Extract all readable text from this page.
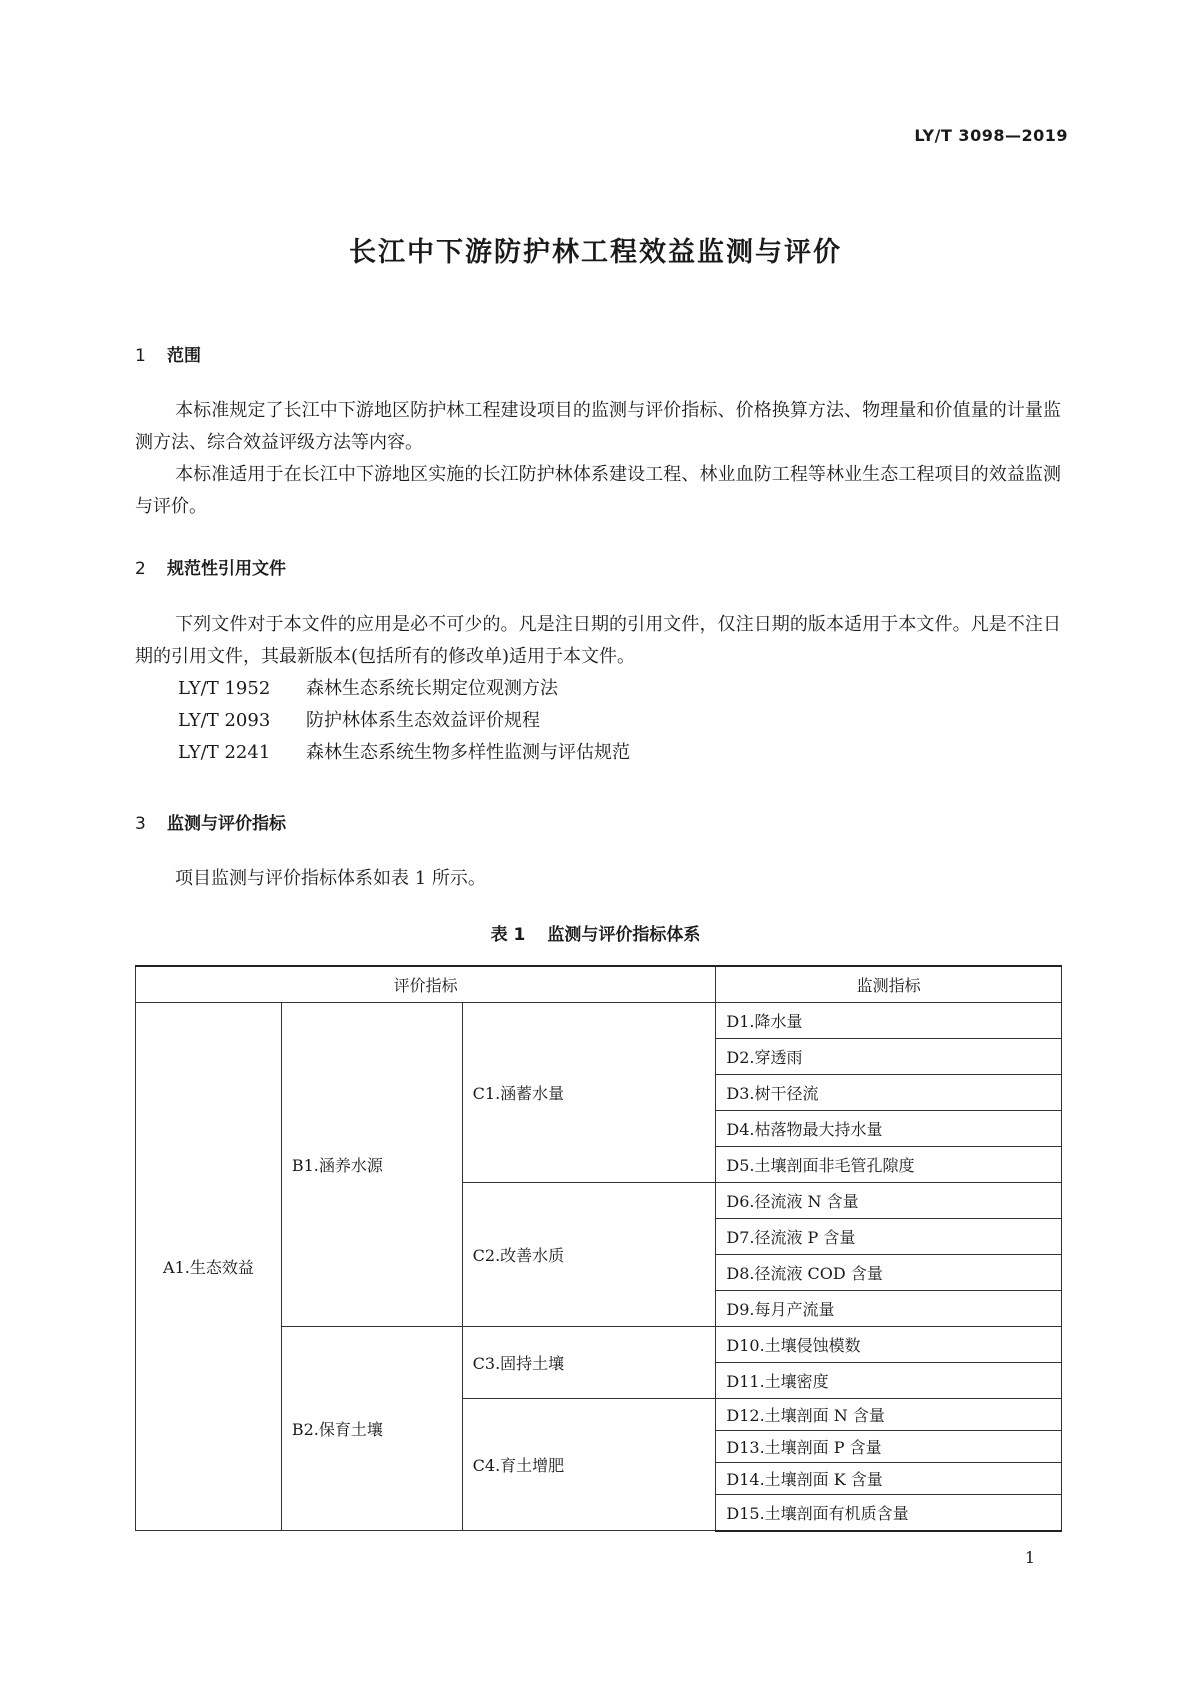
LY/T 3098—2019
长江中下游防护林工程效益监测与评价
1 范围
本标准规定了长江中下游地区防护林工程建设项目的监测与评价指标、价格换算方法、物理量和价值量的计量监测方法、综合效益评级方法等内容。
本标准适用于在长江中下游地区实施的长江防护林体系建设工程、林业血防工程等林业生态工程项目的效益监测与评价。
2 规范性引用文件
下列文件对于本文件的应用是必不可少的。凡是注日期的引用文件，仅注日期的版本适用于本文件。凡是不注日期的引用文件，其最新版本(包括所有的修改单)适用于本文件。
LY/T 1952 森林生态系统长期定位观测方法
LY/T 2093 防护林体系生态效益评价规程
LY/T 2241 森林生态系统生物多样性监测与评估规范
3 监测与评价指标
项目监测与评价指标体系如表 1 所示。
表 1 监测与评价指标体系
评价指标			监测指标
A1.生态效益	B1.涵养水源	C1.涵蓄水量	D1.降水量
			D2.穿透雨
			D3.树干径流
			D4.枯落物最大持水量
			D5.土壤剖面非毛管孔隙度
		C2.改善水质	D6.径流液 N 含量
			D7.径流液 P 含量
			D8.径流液 COD 含量
			D9.每月产流量
	B2.保育土壤	C3.固持土壤	D10.土壤侵蚀模数
			D11.土壤密度
		C4.育土增肥	D12.土壤剖面 N 含量
			D13.土壤剖面 P 含量
			D14.土壤剖面 K 含量
			D15.土壤剖面有机质含量
1
